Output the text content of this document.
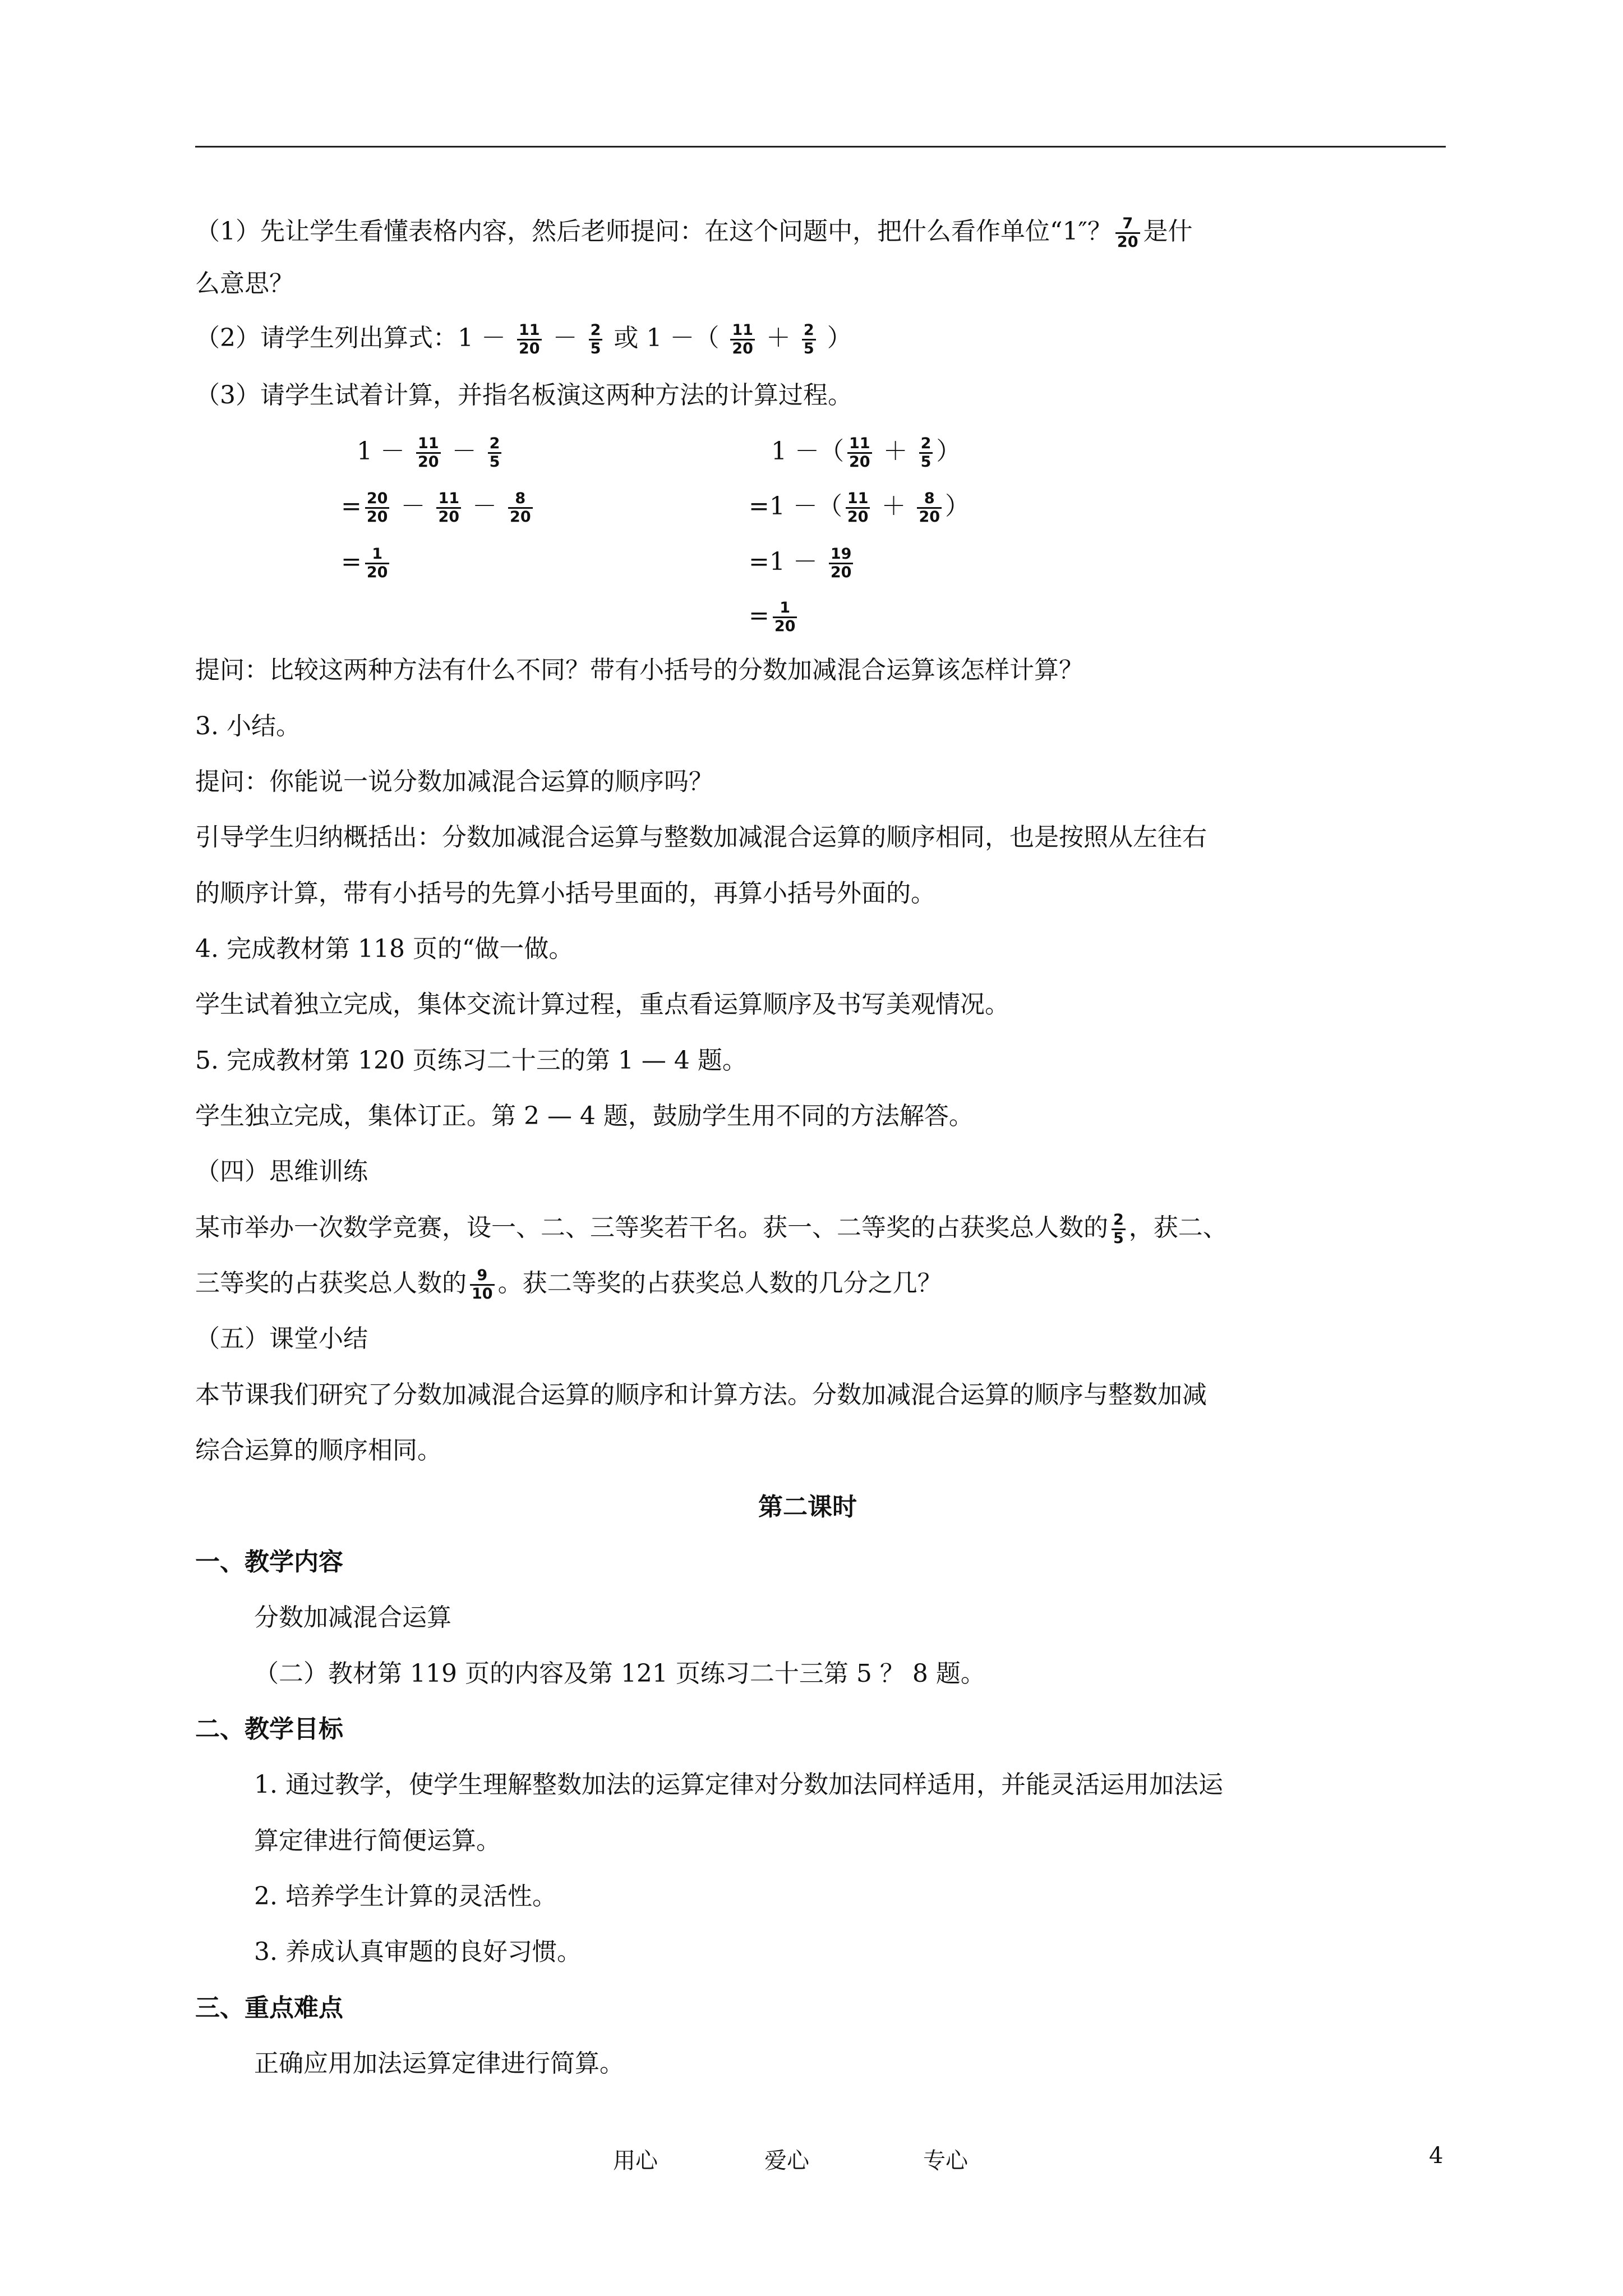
（1）先让学生看懂表格内容，然后老师提问：在这个问题中，把什么看作单位“1″？ $\frac{7}{20}$ 是什
么意思？
（2）请学生列出算式：$1 - \frac{11}{20} - \frac{2}{5}$ 或 1 －（ $\frac{11}{20} + \frac{2}{5}$ ）
（3）请学生试着计算，并指名板演这两种方法的计算过程。
$1 - \frac{11}{20} - \frac{2}{5}$
= $\frac{20}{20} - \frac{11}{20} - \frac{8}{20}$
= $\frac{1}{20}$
1 －（ $\frac{11}{20} + \frac{2}{5}$ ）
=1 －（ $\frac{11}{20} + \frac{8}{20}$ ）
$=1 - \frac{19}{20}$
= $\frac{1}{20}$
提问：比较这两种方法有什么不同？带有小括号的分数加减混合运算该怎样计算？
3. 小结。
提问：你能说一说分数加减混合运算的顺序吗？
引导学生归纳概括出：分数加减混合运算与整数加减混合运算的顺序相同，也是按照从左往右
的顺序计算，带有小括号的先算小括号里面的，再算小括号外面的。
4. 完成教材第 118 页的“做一做。
学生试着独立完成，集体交流计算过程，重点看运算顺序及书写美观情况。
5. 完成教材第 120 页练习二十三的第 1 — 4 题。
学生独立完成，集体订正。第 2 — 4 题，鼓励学生用不同的方法解答。
（四）思维训练
某市举办一次数学竞赛，设一、二、三等奖若干名。获一、二等奖的占获奖总人数的 $\frac{2}{5}$ ，获二、
三等奖的占获奖总人数的 $\frac{9}{10}$ 。获二等奖的占获奖总人数的几分之几？
（五）课堂小结
本节课我们研究了分数加减混合运算的顺序和计算方法。分数加减混合运算的顺序与整数加减
综合运算的顺序相同。
第二课时
一、教学内容
分数加减混合运算
（二）教材第 119 页的内容及第 121 页练习二十三第 5 ？ 8 题。
二、教学目标
1. 通过教学，使学生理解整数加法的运算定律对分数加法同样适用，并能灵活运用加法运
算定律进行简便运算。
2. 培养学生计算的灵活性。
3. 养成认真审题的良好习惯。
三、重点难点
正确应用加法运算定律进行简算。
用心	爱心	专心	4
